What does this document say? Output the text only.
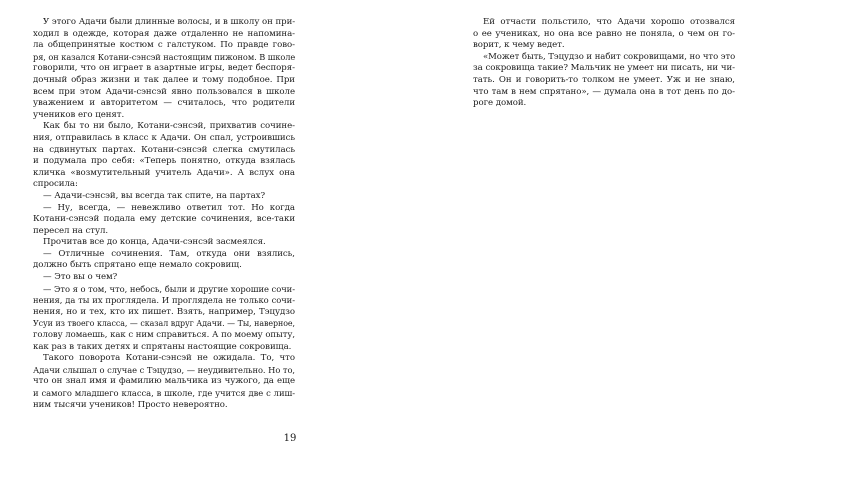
У этого Адачи были длинные волосы, и в школу он при-
ходил в одежде, которая даже отдаленно не напомина-
ла общепринятые костюм с галстуком. По правде гово-
ря, он казался Котани-сэнсэй настоящим пижоном. В школе
говорили, что он играет в азартные игры, ведет беспоря-
дочный образ жизни и так далее и тому подобное. При
всем при этом Адачи-сэнсэй явно пользовался в школе
уважением и авторитетом — считалось, что родители
учеников его ценят.
Как бы то ни было, Котани-сэнсэй, прихватив сочине-
ния, отправилась в класс к Адачи. Он спал, устроившись
на сдвинутых партах. Котани-сэнсэй слегка смутилась
и подумала про себя: «Теперь понятно, откуда взялась
кличка «возмутительный учитель Адачи». А вслух она
спросила:
— Адачи-сэнсэй, вы всегда так спите, на партах?
— Ну, всегда, — невежливо ответил тот. Но когда
Котани-сэнсэй подала ему детские сочинения, все-таки
пересел на стул.
Прочитав все до конца, Адачи-сэнсэй засмеялся.
— Отличные сочинения. Там, откуда они взялись,
должно быть спрятано еще немало сокровищ.
— Это вы о чем?
— Это я о том, что, небось, были и другие хорошие сочи-
нения, да ты их проглядела. И проглядела не только сочи-
нения, но и тех, кто их пишет. Взять, например, Тэцудзо
Усуи из твоего класса, — сказал вдруг Адачи. — Ты, наверное,
голову ломаешь, как с ним справиться. А по моему опыту,
как раз в таких детях и спрятаны настоящие сокровища.
Такого поворота Котани-сэнсэй не ожидала. То, что
Адачи слышал о случае с Тэцудзо, — неудивительно. Но то,
что он знал имя и фамилию мальчика из чужого, да еще
и самого младшего класса, в школе, где учится две с лиш-
ним тысячи учеников! Просто невероятно.
19
Ей отчасти польстило, что Адачи хорошо отозвался
о ее учениках, но она все равно не поняла, о чем он го-
ворит, к чему ведет.
«Может быть, Тэцудзо и набит сокровищами, но что это
за сокровища такие? Мальчик не умеет ни писать, ни чи-
тать. Он и говорить-то толком не умеет. Уж и не знаю,
что там в нем спрятано», — думала она в тот день по до-
роге домой.
